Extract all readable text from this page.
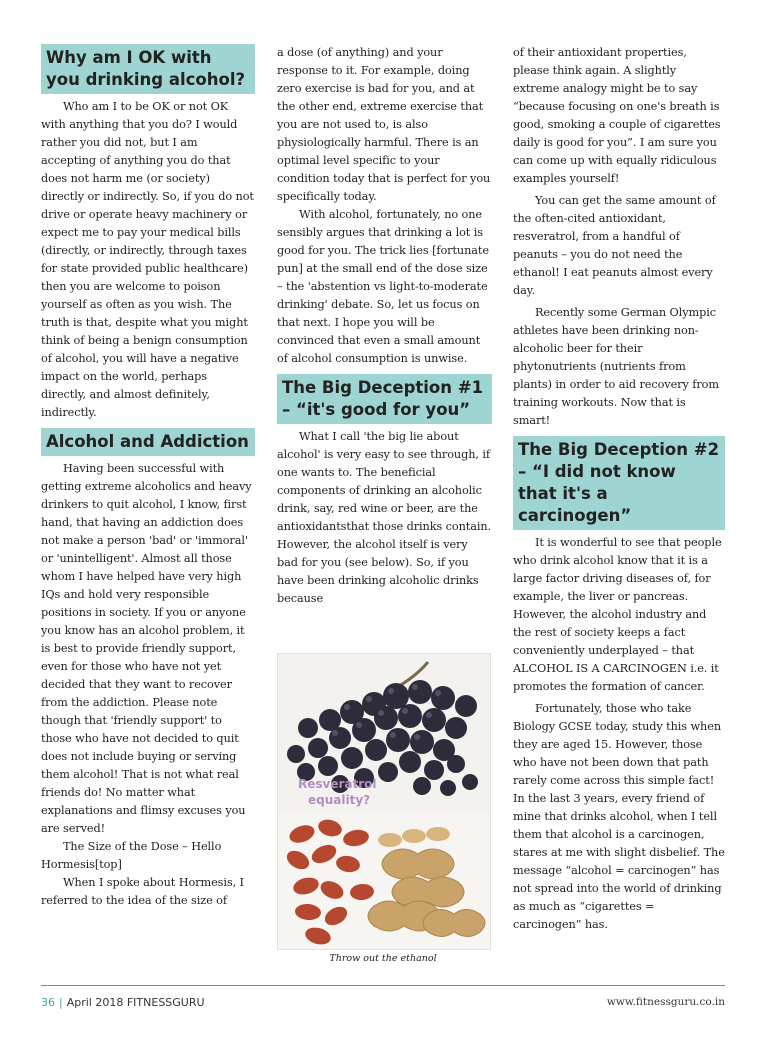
Why am I OK with you drinking alcohol?

Who am I to be OK or not OK with anything that you do? I would rather you did not, but I am accepting of anything you do that does not harm me (or society) directly or indirectly. So, if you do not drive or operate heavy machinery or expect me to pay your medical bills (directly, or indirectly, through taxes for state provided public healthcare) then you are welcome to poison yourself as often as you wish. The truth is that, despite what you might think of being a benign consumption of alcohol, you will have a negative impact on the world, perhaps directly, and almost definitely, indirectly.

Alcohol and Addiction

Having been successful with getting extreme alcoholics and heavy drinkers to quit alcohol, I know, first hand, that having an addiction does not make a person 'bad' or 'immoral' or 'unintelligent'. Almost all those whom I have helped have very high IQs and hold very responsible positions in society. If you or anyone you know has an alcohol problem, it is best to provide friendly support, even for those who have not yet decided that they want to recover from the addiction. Please note though that 'friendly support' to those who have not decided to quit does not include buying or serving them alcohol! That is not what real friends do! No matter what explanations and flimsy excuses you are served!

The Size of the Dose – Hello Hormesis[top]

When I spoke about Hormesis, I referred to the idea of the size of

a dose (of anything) and your response to it. For example, doing zero exercise is bad for you, and at the other end, extreme exercise that you are not used to, is also physiologically harmful. There is an optimal level specific to your condition today that is perfect for you specifically today.

With alcohol, fortunately, no one sensibly argues that drinking a lot is good for you. The trick lies [fortunate pun] at the small end of the dose size – the 'abstention vs light-to-moderate drinking' debate. So, let us focus on that next. I hope you will be convinced that even a small amount of alcohol consumption is unwise.

The Big Deception #1 – “it's good for you”

What I call 'the big lie about alcohol' is very easy to see through, if one wants to. The beneficial components of drinking an alcoholic drink, say, red wine or beer, are the antioxidantsthat those drinks contain. However, the alcohol itself is very bad for you (see below). So, if you have been drinking alcoholic drinks because

Resveratrol
equality?
Throw out the ethanol

of their antioxidant properties, please think again. A slightly extreme analogy might be to say “because focusing on one's breath is good, smoking a couple of cigarettes daily is good for you”. I am sure you can come up with equally ridiculous examples yourself!

You can get the same amount of the often-cited antioxidant, resveratrol, from a handful of peanuts – you do not need the ethanol! I eat peanuts almost every day.

Recently some German Olympic athletes have been drinking non-alcoholic beer for their phytonutrients (nutrients from plants) in order to aid recovery from training workouts. Now that is smart!

The Big Deception #2 – “I did not know that it's a carcinogen”

It is wonderful to see that people who drink alcohol know that it is a large factor driving diseases of, for example, the liver or pancreas. However, the alcohol industry and the rest of society keeps a fact conveniently underplayed – that ALCOHOL IS A CARCINOGEN i.e. it promotes the formation of cancer.

Fortunately, those who take Biology GCSE today, study this when they are aged 15. However, those who have not been down that path rarely come across this simple fact! In the last 3 years, every friend of mine that drinks alcohol, when I tell them that alcohol is a carcinogen, stares at me with slight disbelief. The message “alcohol = carcinogen” has not spread into the world of drinking as much as “cigarettes = carcinogen” has.

36 | April 2018 FITNESSGURU	www.fitnessguru.co.in
